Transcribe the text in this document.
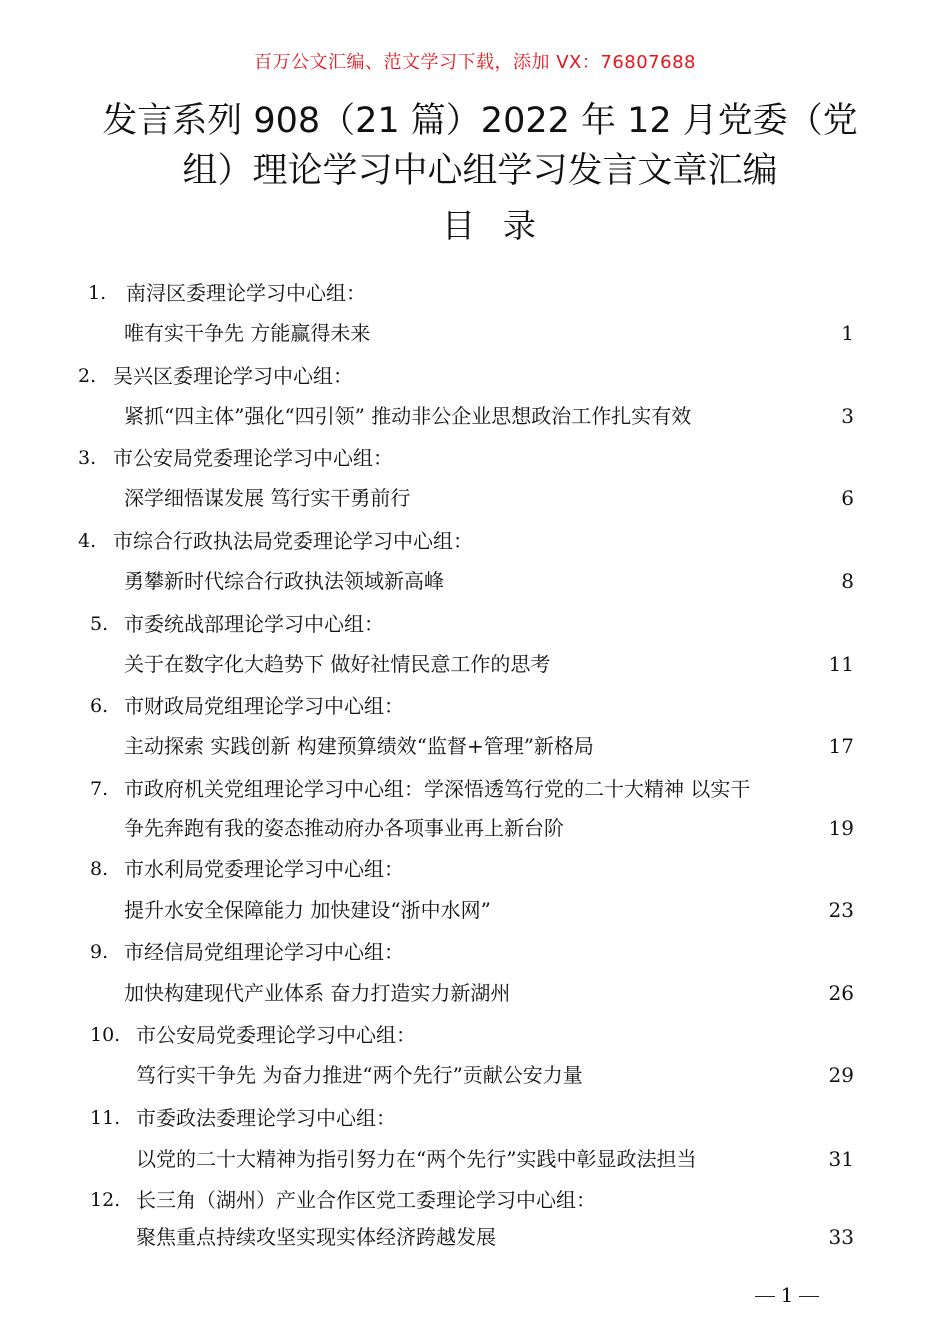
百万公文汇编、范文学习下载，添加 VX：76807688
发言系列 908（21 篇）2022 年 12 月党委（党
组）理论学习中心组学习发言文章汇编
目录
1. 南浔区委理论学习中心组：
唯有实干争先 方能赢得未来	1
2. 吴兴区委理论学习中心组：
紧抓“四主体”强化“四引领” 推动非公企业思想政治工作扎实有效	3
3. 市公安局党委理论学习中心组：
深学细悟谋发展 笃行实干勇前行	6
4. 市综合行政执法局党委理论学习中心组：
勇攀新时代综合行政执法领域新高峰	8
5. 市委统战部理论学习中心组：
关于在数字化大趋势下 做好社情民意工作的思考	11
6. 市财政局党组理论学习中心组：
主动探索 实践创新 构建预算绩效“监督+管理”新格局	17
7. 市政府机关党组理论学习中心组：学深悟透笃行党的二十大精神 以实干
争先奔跑有我的姿态推动府办各项事业再上新台阶	19
8. 市水利局党委理论学习中心组：
提升水安全保障能力 加快建设“浙中水网”	23
9. 市经信局党组理论学习中心组：
加快构建现代产业体系 奋力打造实力新湖州	26
10. 市公安局党委理论学习中心组：
笃行实干争先 为奋力推进“两个先行”贡献公安力量	29
11. 市委政法委理论学习中心组：
以党的二十大精神为指引努力在“两个先行”实践中彰显政法担当	31
12. 长三角（湖州）产业合作区党工委理论学习中心组：
聚焦重点持续攻坚实现实体经济跨越发展	33
1
